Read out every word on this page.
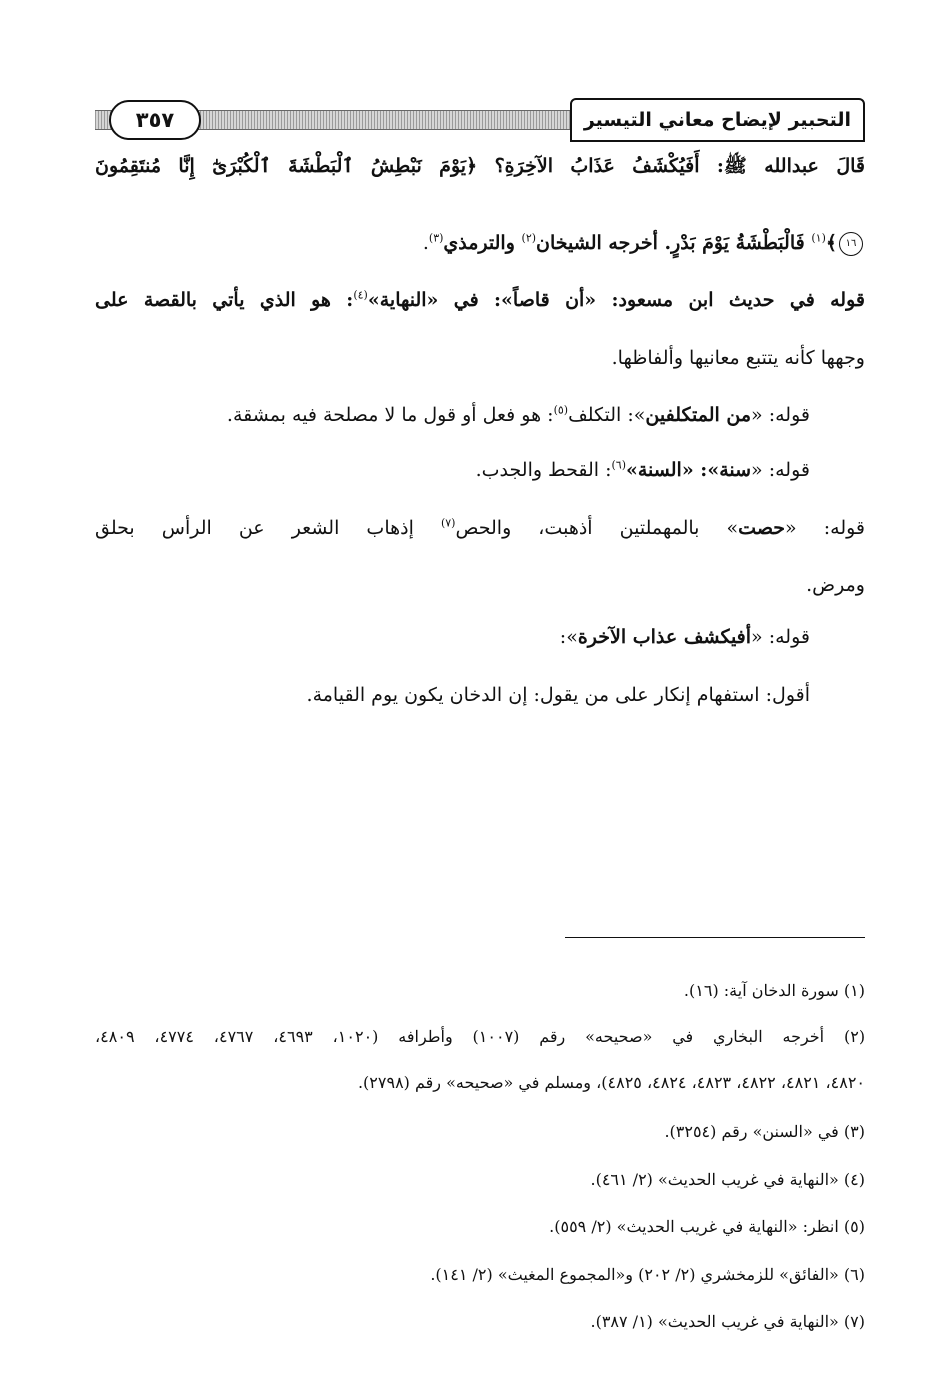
٣٥٧	التحبير لإيضاح معاني التيسير
قَالَ عبدالله ﷺ: أَفَيُكْشَفُ عَذَابُ الآخِرَةِ؟ ﴿يَوْمَ نَبْطِشُ ٱلْبَطْشَةَ ٱلْكُبْرَىٰٓ إِنَّا مُنتَقِمُونَ
١٦﴾$^{(١)}$ فَالْبَطْشَةُ يَوْمَ بَدْرٍ. أخرجه الشيخان$^{(٢)}$ والترمذي$^{(٣)}$.
قوله في حديث ابن مسعود: «أن قاصاً»: في «النهاية»$^{(٤)}$: هو الذي يأتي بالقصة على
وجهها كأنه يتتبع معانيها وألفاظها.
قوله: «من المتكلفين»: التكلف$^{(٥)}$: هو فعل أو قول ما لا مصلحة فيه بمشقة.
قوله: «سنة»: «السنة»$^{(٦)}$: القحط والجدب.
قوله: «حصت» بالمهملتين أذهبت، والحص$^{(٧)}$ إذهاب الشعر عن الرأس بحلق
ومرض.
قوله: «أفيكشف عذاب الآخرة»:
أقول: استفهام إنكار على من يقول: إن الدخان يكون يوم القيامة.
(١) سورة الدخان آية: (١٦).
(٢) أخرجه البخاري في «صحيحه» رقم (١٠٠٧) وأطرافه (١٠٢٠، ٤٦٩٣، ٤٧٦٧، ٤٧٧٤، ٤٨٠٩،
٤٨٢٠، ٤٨٢١، ٤٨٢٢، ٤٨٢٣، ٤٨٢٤، ٤٨٢٥)، ومسلم في «صحيحه» رقم (٢٧٩٨).
(٣) في «السنن» رقم (٣٢٥٤).
(٤) «النهاية في غريب الحديث» (٢/ ٤٦١).
(٥) انظر: «النهاية في غريب الحديث» (٢/ ٥٥٩).
(٦) «الفائق» للزمخشري (٢/ ٢٠٢) و«المجموع المغيث» (٢/ ١٤١).
(٧) «النهاية في غريب الحديث» (١/ ٣٨٧).
